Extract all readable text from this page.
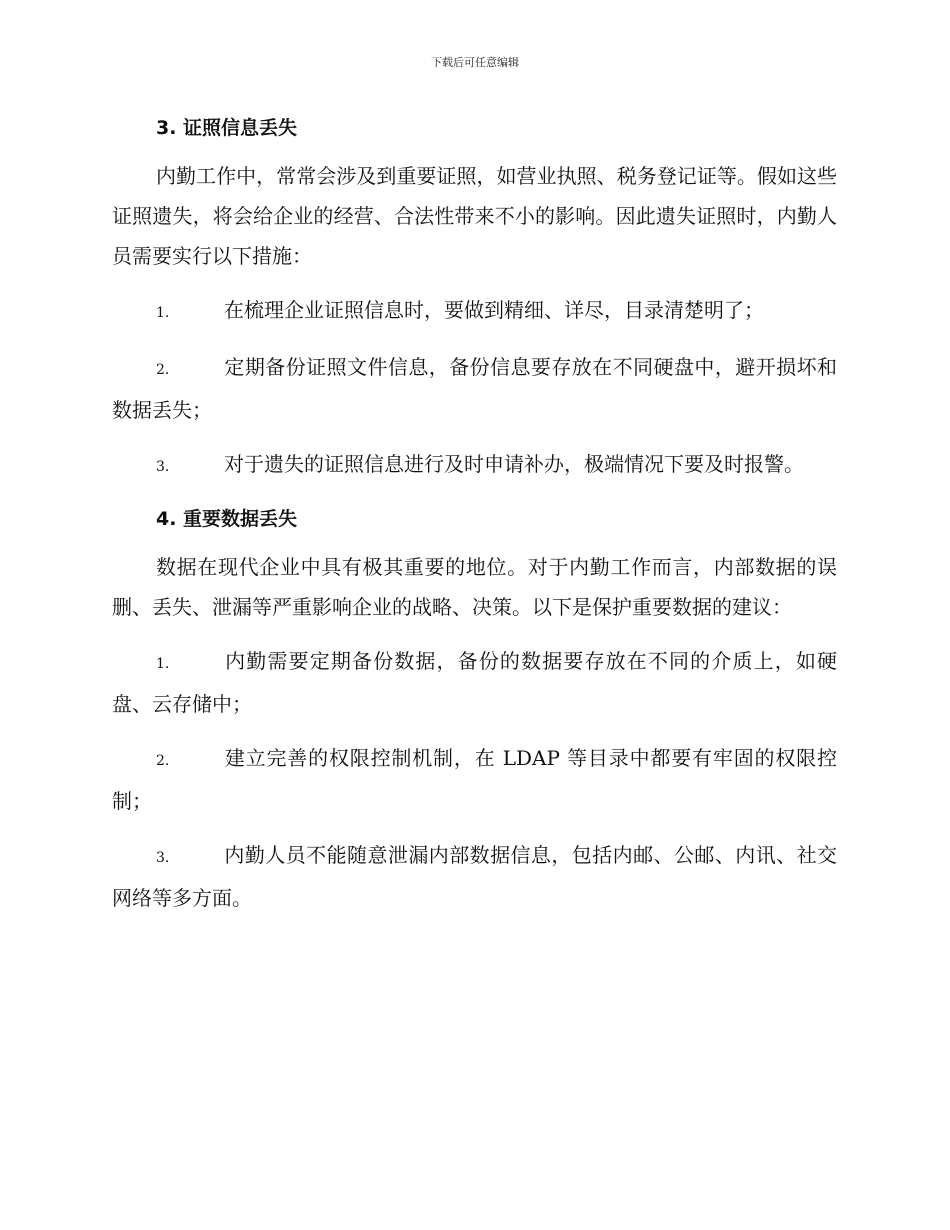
下载后可任意编辑
3. 证照信息丢失

内勤工作中，常常会涉及到重要证照，如营业执照、税务登记证等。假如这些证照遗失，将会给企业的经营、合法性带来不小的影响。因此遗失证照时，内勤人员需要实行以下措施：

1.	在梳理企业证照信息时，要做到精细、详尽，目录清楚明了；

2.	定期备份证照文件信息，备份信息要存放在不同硬盘中，避开损坏和数据丢失；

3.	对于遗失的证照信息进行及时申请补办，极端情况下要及时报警。

4. 重要数据丢失

数据在现代企业中具有极其重要的地位。对于内勤工作而言，内部数据的误删、丢失、泄漏等严重影响企业的战略、决策。以下是保护重要数据的建议：

1.	内勤需要定期备份数据，备份的数据要存放在不同的介质上，如硬盘、云存储中；

2.	建立完善的权限控制机制，在 LDAP 等目录中都要有牢固的权限控制；

3.	内勤人员不能随意泄漏内部数据信息，包括内邮、公邮、内讯、社交网络等多方面。
